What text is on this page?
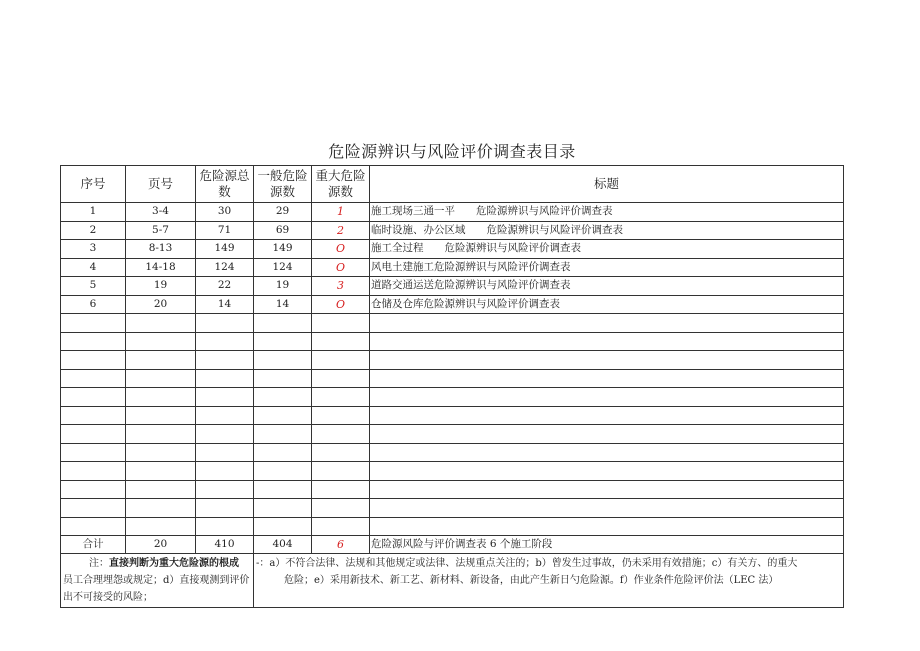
危险源辨识与风险评价调查表目录
序号	页号	危险源总数	一般危险源数	重大危险源数	标题
1	3-4	30	29	1	施工现场三通一平　　危险源辨识与风险评价调查表
2	5-7	71	69	2	临时设施、办公区域　　危险源辨识与风险评价调查表
3	8-13	149	149	O	施工全过程　　危险源辨识与风险评价调查表
4	14-18	124	124	O	风电土建施工危险源辨识与风险评价调查表
5	19	22	19	3	道路交通运送危险源辨识与风险评价调查表
6	20	14	14	O	仓储及仓库危险源辨识与风险评价调查表

合计	20	410	404	6	危险源风险与评价调查表 6 个施工阶段
注：直接判断为重大危险源的根成
员工合理埋怨或规定；d）直接观测到评价出不可接受的风险；			-：a）不符合法律、法规和其他规定或法律、法规重点关注的；b）曾发生过事故，仍未采用有效措施；c）有关方、的重大
危险；e）采用新技术、新工艺、新材料、新设备，由此产生新日勺危险源。f）作业条件危险评价法（LEC 法）		
